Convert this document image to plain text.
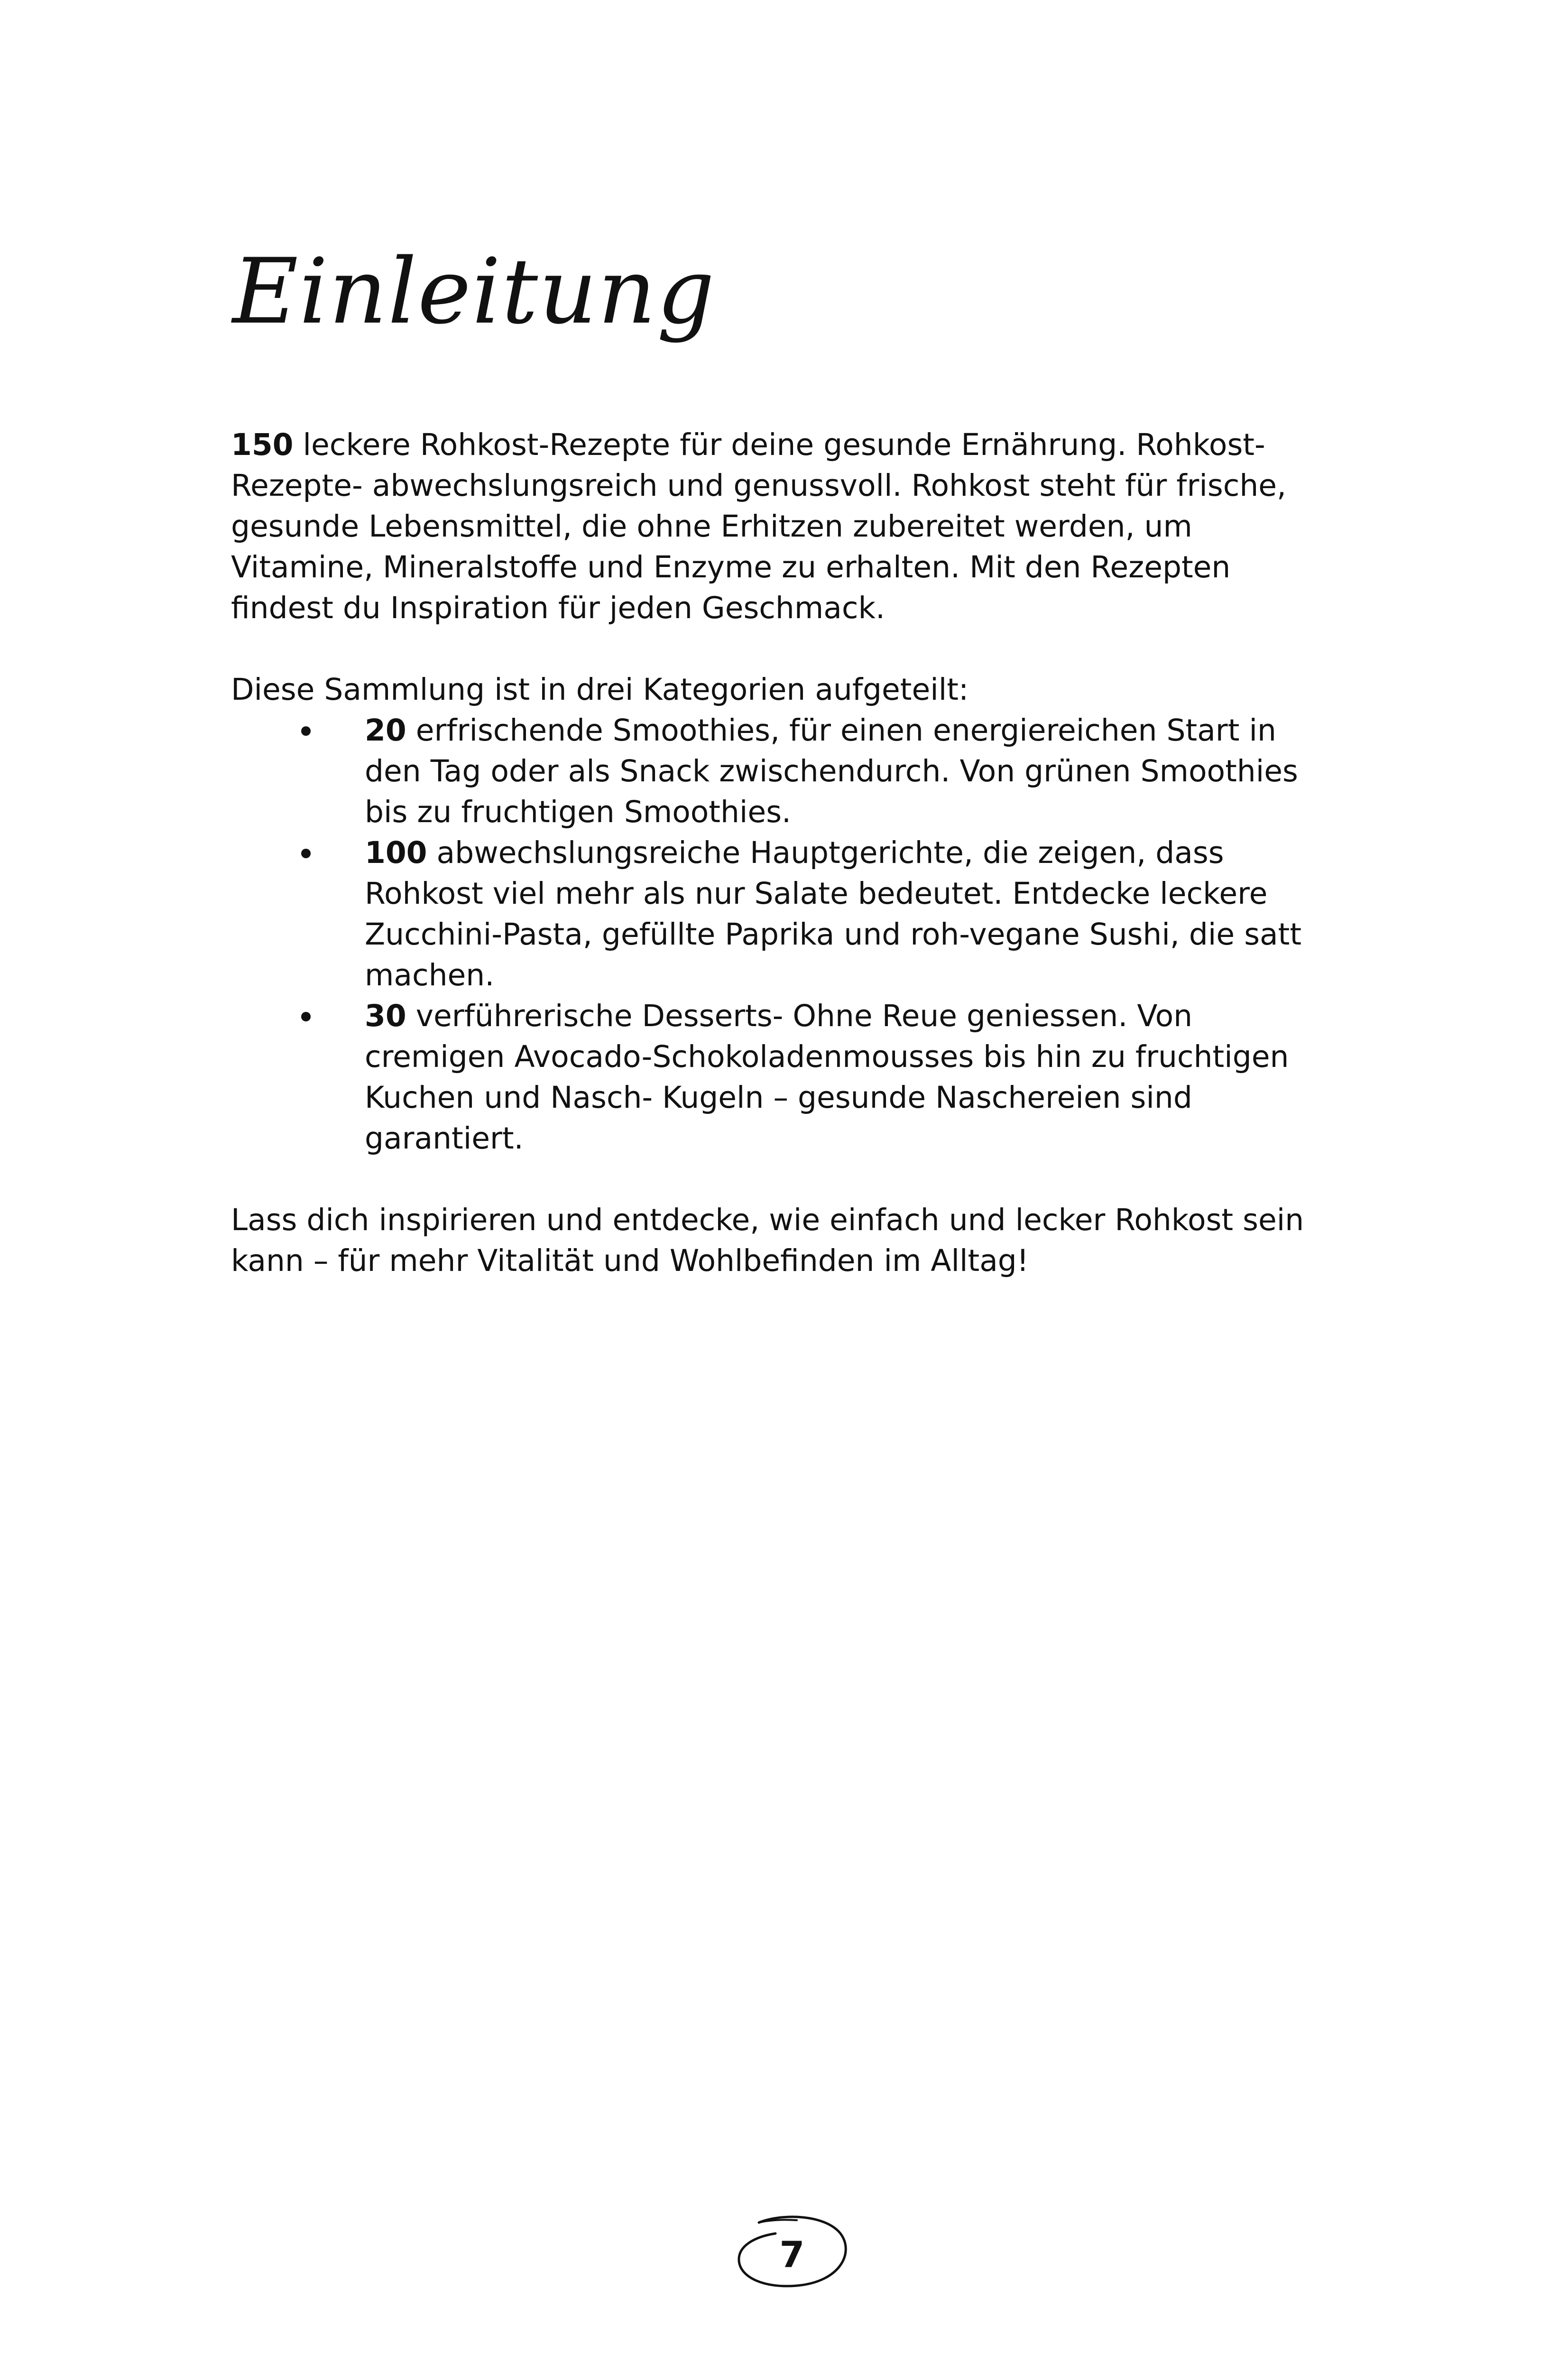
Einleitung

150 leckere Rohkost-Rezepte für deine gesunde Ernährung. Rohkost-Rezepte- abwechslungsreich und genussvoll. Rohkost steht für frische, gesunde Lebensmittel, die ohne Erhitzen zubereitet werden, um Vitamine, Mineralstoffe und Enzyme zu erhalten. Mit den Rezepten findest du Inspiration für jeden Geschmack.

Diese Sammlung ist in drei Kategorien aufgeteilt:

20 erfrischende Smoothies, für einen energiereichen Start in den Tag oder als Snack zwischendurch. Von grünen Smoothies bis zu fruchtigen Smoothies.
100 abwechslungsreiche Hauptgerichte, die zeigen, dass Rohkost viel mehr als nur Salate bedeutet. Entdecke leckere Zucchini-Pasta, gefüllte Paprika und roh-vegane Sushi, die satt machen.
30 verführerische Desserts- Ohne Reue geniessen. Von cremigen Avocado-Schokoladenmousses bis hin zu fruchtigen Kuchen und Nasch- Kugeln – gesunde Naschereien sind garantiert.

Lass dich inspirieren und entdecke, wie einfach und lecker Rohkost sein kann – für mehr Vitalität und Wohlbefinden im Alltag!

7
